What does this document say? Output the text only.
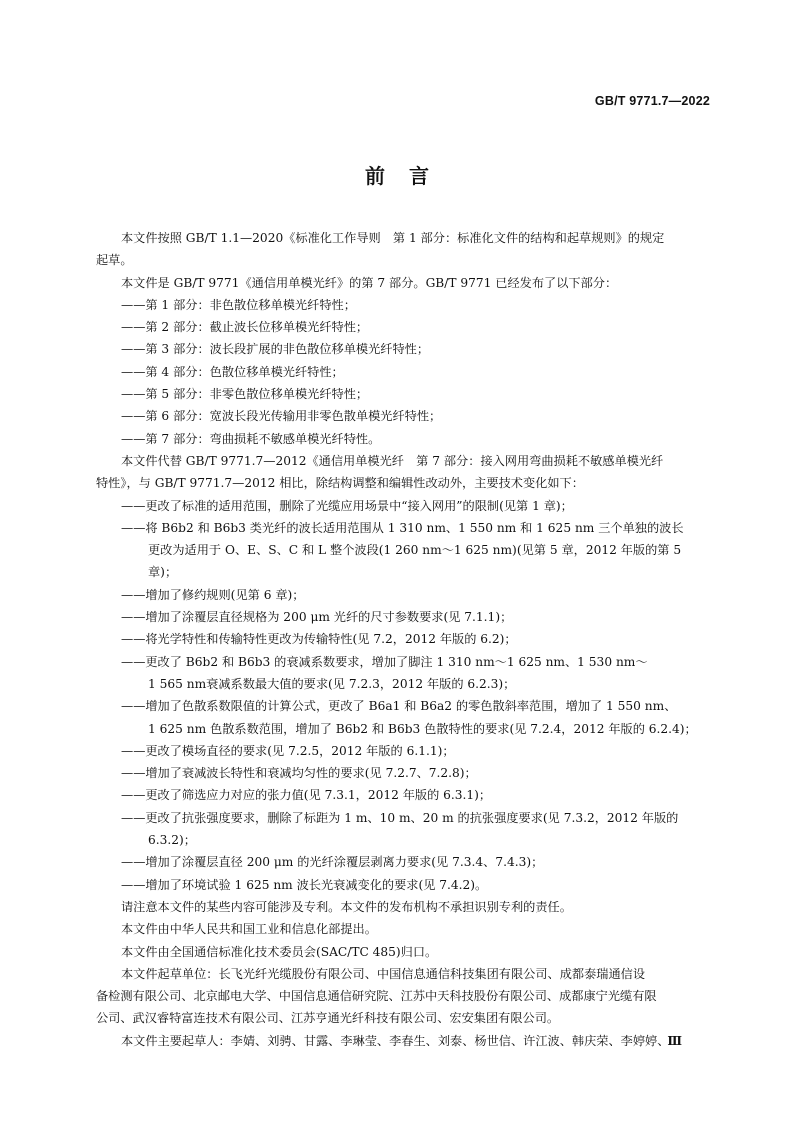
GB/T 9771.7—2022
前言
本文件按照 GB/T 1.1—2020《标准化工作导则　第 1 部分：标准化文件的结构和起草规则》的规定
起草。
本文件是 GB/T 9771《通信用单模光纤》的第 7 部分。GB/T 9771 已经发布了以下部分：
——第 1 部分：非色散位移单模光纤特性；
——第 2 部分：截止波长位移单模光纤特性；
——第 3 部分：波长段扩展的非色散位移单模光纤特性；
——第 4 部分：色散位移单模光纤特性；
——第 5 部分：非零色散位移单模光纤特性；
——第 6 部分：宽波长段光传输用非零色散单模光纤特性；
——第 7 部分：弯曲损耗不敏感单模光纤特性。
本文件代替 GB/T 9771.7—2012《通信用单模光纤　第 7 部分：接入网用弯曲损耗不敏感单模光纤
特性》，与 GB/T 9771.7—2012 相比，除结构调整和编辑性改动外，主要技术变化如下：
——更改了标准的适用范围，删除了光缆应用场景中“接入网用”的限制(见第 1 章)；
——将 B6b2 和 B6b3 类光纤的波长适用范围从 1 310 nm、1 550 nm 和 1 625 nm 三个单独的波长
更改为适用于 O、E、S、C 和 L 整个波段(1 260 nm～1 625 nm)(见第 5 章，2012 年版的第 5
章)；
——增加了修约规则(见第 6 章)；
——增加了涂覆层直径规格为 200 μm 光纤的尺寸参数要求(见 7.1.1)；
——将光学特性和传输特性更改为传输特性(见 7.2，2012 年版的 6.2)；
——更改了 B6b2 和 B6b3 的衰减系数要求，增加了脚注 1 310 nm～1 625 nm、1 530 nm～
1 565 nm衰减系数最大值的要求(见 7.2.3，2012 年版的 6.2.3)；
——增加了色散系数限值的计算公式，更改了 B6a1 和 B6a2 的零色散斜率范围，增加了 1 550 nm、
1 625 nm 色散系数范围，增加了 B6b2 和 B6b3 色散特性的要求(见 7.2.4，2012 年版的 6.2.4)；
——更改了模场直径的要求(见 7.2.5，2012 年版的 6.1.1)；
——增加了衰减波长特性和衰减均匀性的要求(见 7.2.7、7.2.8)；
——更改了筛选应力对应的张力值(见 7.3.1，2012 年版的 6.3.1)；
——更改了抗张强度要求，删除了标距为 1 m、10 m、20 m 的抗张强度要求(见 7.3.2，2012 年版的
6.3.2)；
——增加了涂覆层直径 200 μm 的光纤涂覆层剥离力要求(见 7.3.4、7.4.3)；
——增加了环境试验 1 625 nm 波长光衰减变化的要求(见 7.4.2)。
请注意本文件的某些内容可能涉及专利。本文件的发布机构不承担识别专利的责任。
本文件由中华人民共和国工业和信息化部提出。
本文件由全国通信标准化技术委员会(SAC/TC 485)归口。
本文件起草单位：长飞光纤光缆股份有限公司、中国信息通信科技集团有限公司、成都泰瑞通信设
备检测有限公司、北京邮电大学、中国信息通信研究院、江苏中天科技股份有限公司、成都康宁光缆有限
公司、武汉睿特富连技术有限公司、江苏亨通光纤科技有限公司、宏安集团有限公司。
本文件主要起草人：李婧、刘骋、甘露、李琳莹、李春生、刘泰、杨世信、许江波、韩庆荣、李婷婷、
Ⅲ
